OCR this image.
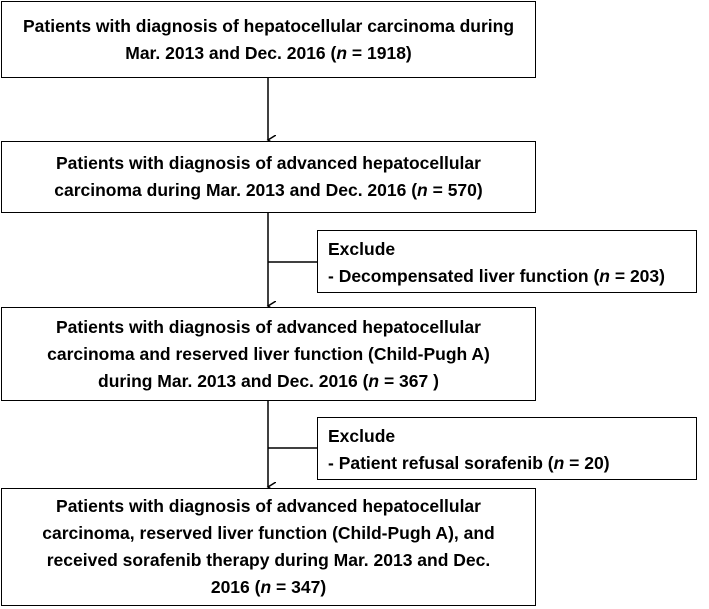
Patients with diagnosis of hepatocellular carcinoma during
Mar. 2013 and Dec. 2016 (n = 1918)
Patients with diagnosis of advanced hepatocellular
carcinoma during Mar. 2013 and Dec. 2016 (n = 570)
Exclude
- Decompensated liver function (n = 203)
Patients with diagnosis of advanced hepatocellular
carcinoma and reserved liver function (Child-Pugh A)
during Mar. 2013 and Dec. 2016 (n = 367 )
Exclude
- Patient refusal sorafenib (n = 20)
Patients with diagnosis of advanced hepatocellular
carcinoma, reserved liver function (Child-Pugh A), and
received sorafenib therapy during Mar. 2013 and Dec.
2016 (n = 347)
